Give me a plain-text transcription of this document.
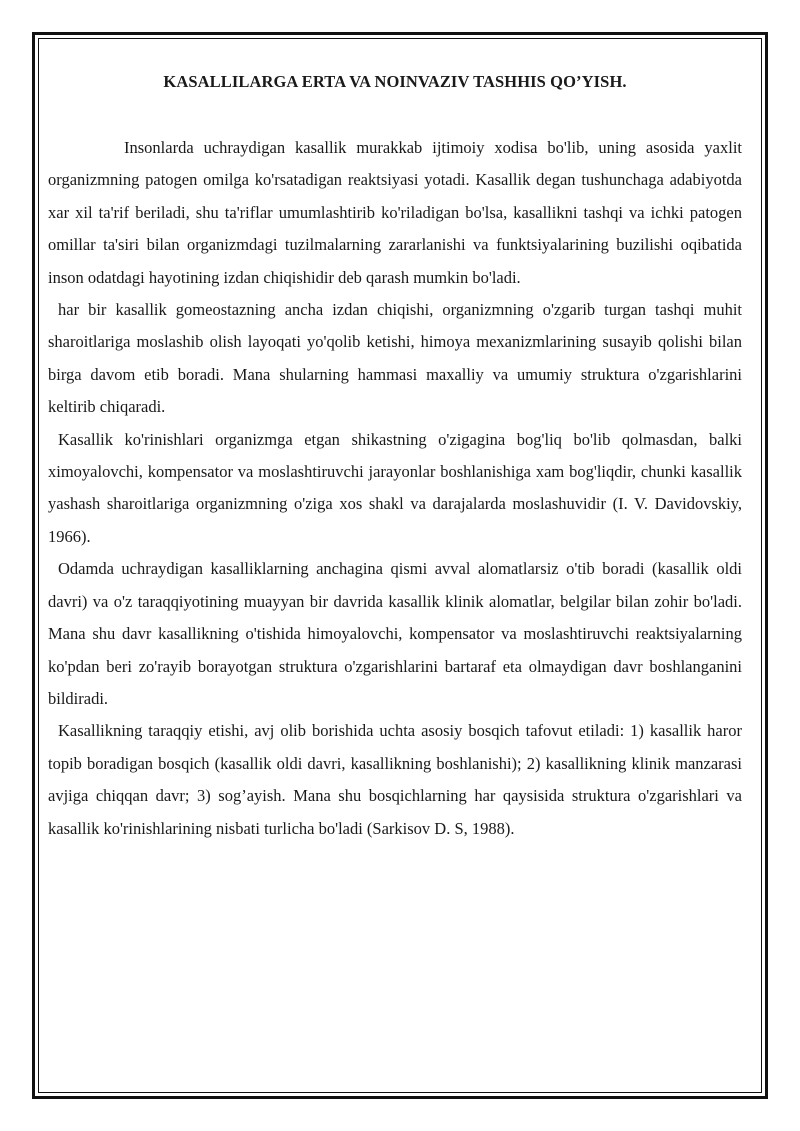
KASALLILARGA ERTA VA NOINVAZIV TASHHIS QO’YISH.

Insonlarda uchraydigan kasallik murakkab ijtimoiy xodisa bo'lib, uning asosida yaxlit organizmning patogen omilga ko'rsatadigan reaktsiyasi yotadi. Kasallik degan tushunchaga adabiyotda xar xil ta'rif beriladi, shu ta'riflar umumlashtirib ko'riladigan bo'lsa, kasallikni tashqi va ichki patogen omillar ta'siri bilan organizmdagi tuzilmalarning zararlanishi va funktsiyalarining buzilishi oqibatida inson odatdagi hayotining izdan chiqishidir deb qarash mumkin bo'ladi.

har bir kasallik gomeostazning ancha izdan chiqishi, organizmning o'zgarib turgan tashqi muhit sharoitlariga moslashib olish layoqati yo'qolib ketishi, himoya mexanizmlarining susayib qolishi bilan birga davom etib boradi. Mana shularning hammasi maxalliy va umumiy struktura o'zgarishlarini keltirib chiqaradi.

Kasallik ko'rinishlari organizmga etgan shikastning o'zigagina bog'liq bo'lib qolmasdan, balki ximoyalovchi, kompensator va moslashtiruvchi jarayonlar boshlanishiga xam bog'liqdir, chunki kasallik yashash sharoitlariga organizmning o'ziga xos shakl va darajalarda moslashuvidir (I. V. Davidovskiy, 1966).

Odamda uchraydigan kasalliklarning anchagina qismi avval alomatlarsiz o'tib boradi (kasallik oldi davri) va o'z taraqqiyotining muayyan bir davrida kasallik klinik alomatlar, belgilar bilan zohir bo'ladi. Mana shu davr kasallikning o'tishida himoyalovchi, kompensator va moslashtiruvchi reaktsiyalarning ko'pdan beri zo'rayib borayotgan struktura o'zgarishlarini bartaraf eta olmaydigan davr boshlanganini bildiradi.

Kasallikning taraqqiy etishi, avj olib borishida uchta asosiy bosqich tafovut etiladi: 1) kasallik haror topib boradigan bosqich (kasallik oldi davri, kasallikning boshlanishi); 2) kasallikning klinik manzarasi avjiga chiqqan davr; 3) sog’ayish. Mana shu bosqichlarning har qaysisida struktura o'zgarishlari va kasallik ko'rinishlarining nisbati turlicha bo'ladi (Sarkisov D. S, 1988).
